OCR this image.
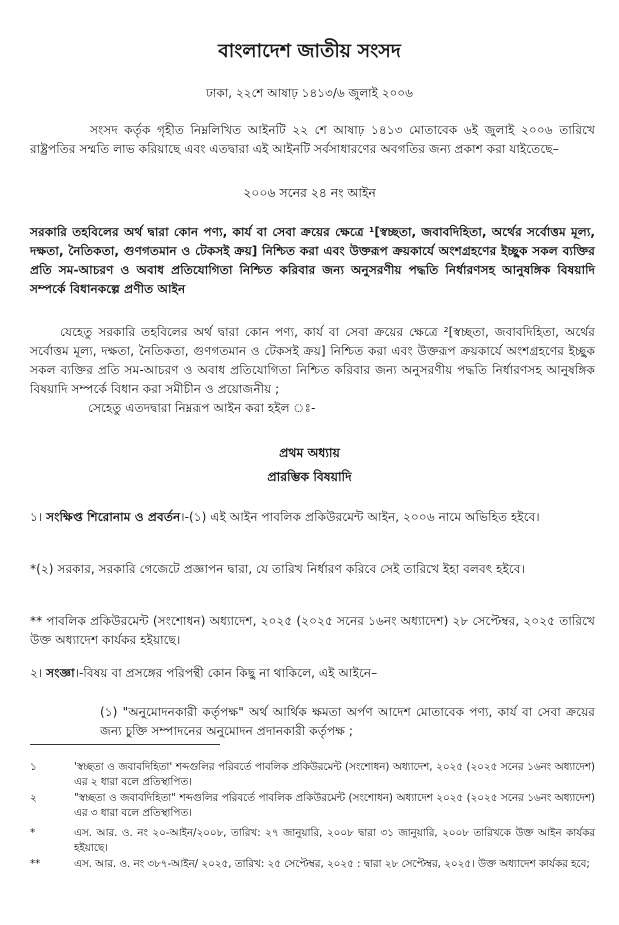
বাংলাদেশ জাতীয় সংসদ
ঢাকা, ২২শে আষাঢ় ১৪১৩/৬ জুলাই ২০০৬
সংসদ কর্তৃক গৃহীত নিম্নলিখিত আইনটি ২২ শে আষাঢ় ১৪১৩ মোতাবেক ৬ই জুলাই ২০০৬ তারিখে রাষ্ট্রপতির সম্মতি লাভ করিয়াছে এবং এতদ্বারা এই আইনটি সর্বসাধারণের অবগতির জন্য প্রকাশ করা যাইতেছে–
২০০৬ সনের ২৪ নং আইন
সরকারি তহবিলের অর্থ দ্বারা কোন পণ্য, কার্য বা সেবা ক্রয়ের ক্ষেত্রে ¹[স্বচ্ছতা, জবাবদিহিতা, অর্থের সর্বোত্তম মূল্য, দক্ষতা, নৈতিকতা, গুণগতমান ও টেকসই ক্রয়] নিশ্চিত করা এবং উক্তরূপ ক্রয়কার্যে অংশগ্রহণের ইচ্ছুক সকল ব্যক্তির প্রতি সম-আচরণ ও অবাধ প্রতিযোগিতা নিশ্চিত করিবার জন্য অনুসরণীয় পদ্ধতি নির্ধারণসহ আনুষঙ্গিক বিষয়াদি সম্পর্কে বিধানকল্পে প্রণীত আইন
যেহেতু সরকারি তহবিলের অর্থ দ্বারা কোন পণ্য, কার্য বা সেবা ক্রয়ের ক্ষেত্রে ²[স্বচ্ছতা, জবাবদিহিতা, অর্থের সর্বোত্তম মূল্য, দক্ষতা, নৈতিকতা, গুণগতমান ও টেকসই ক্রয়] নিশ্চিত করা এবং উক্তরূপ ক্রয়কার্যে অংশগ্রহণের ইচ্ছুক সকল ব্যক্তির প্রতি সম-আচরণ ও অবাধ প্রতিযোগিতা নিশ্চিত করিবার জন্য অনুসরণীয় পদ্ধতি নির্ধারণসহ আনুষঙ্গিক বিষয়াদি সম্পর্কে বিধান করা সমীচীন ও প্রয়োজনীয় ;
সেহেতু এতদদ্বারা নিম্নরূপ আইন করা হইল ঃ-
প্রথম অধ্যায়
প্রারম্ভিক বিষয়াদি
১। সংক্ষিপ্ত শিরোনাম ও প্রবর্তন।-(১) এই আইন পাবলিক প্রকিউরমেন্ট আইন, ২০০৬ নামে অভিহিত হইবে।
*(২) সরকার, সরকারি গেজেটে প্রজ্ঞাপন দ্বারা, যে তারিখ নির্ধারণ করিবে সেই তারিখে ইহা বলবৎ হইবে।
** পাবলিক প্রকিউরমেন্ট (সংশোধন) অধ্যাদেশ, ২০২৫ (২০২৫ সনের ১৬নং অধ্যাদেশ) ২৮ সেপ্টেম্বর, ২০২৫ তারিখে উক্ত অধ্যাদেশ কার্যকর হইয়াছে।
২। সংজ্ঞা।-বিষয় বা প্রসঙ্গের পরিপন্থী কোন কিছু না থাকিলে, এই আইনে–
(১) "অনুমোদনকারী কর্তৃপক্ষ" অর্থ আর্থিক ক্ষমতা অর্পণ আদেশ মোতাবেক পণ্য, কার্য বা সেবা ক্রয়ের জন্য চুক্তি সম্পাদনের অনুমোদন প্রদানকারী কর্তৃপক্ষ ;
১	'স্বচ্ছতা ও জবাবদিহিতা' শব্দগুলির পরিবর্তে পাবলিক প্রকিউরমেন্ট (সংশোধন) অধ্যাদেশ, ২০২৫ (২০২৫ সনের ১৬নং অধ্যাদেশ) এর ২ ধারা বলে প্রতিস্থাপিত।
২	"স্বচ্ছতা ও জবাবদিহিতা" শব্দগুলির পরিবর্তে পাবলিক প্রকিউরমেন্ট (সংশোধন) অধ্যাদেশ ২০২৫ (২০২৫ সনের ১৬নং অধ্যাদেশ) এর ৩ ধারা বলে প্রতিস্থাপিত।
*	এস. আর. ও. নং ২০-আইন/২০০৮, তারিখ: ২৭ জানুয়ারি, ২০০৮ দ্বারা ৩১ জানুয়ারি, ২০০৮ তারিখকে উক্ত আইন কার্যকর হইয়াছে।
**	এস. আর. ও. নং ৩৮৭-আইন/ ২০২৫, তারিখ: ২৫ সেপ্টেম্বর, ২০২৫ : দ্বারা ২৮ সেপ্টেম্বর, ২০২৫। উক্ত অধ্যাদেশ কার্যকর হবে;
